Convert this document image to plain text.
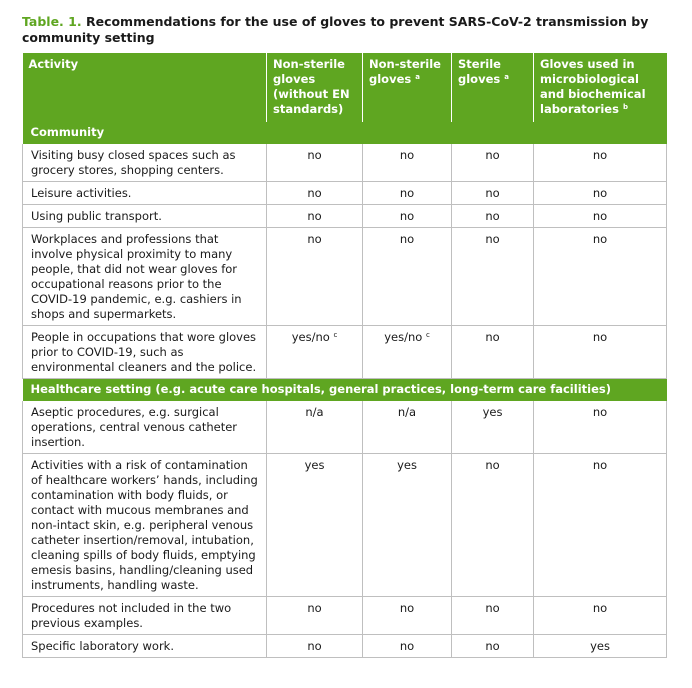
Table. 1. Recommendations for the use of gloves to prevent SARS-CoV-2 transmission by community setting
Activity	Non-sterile gloves (without EN standards)	Non-sterile gloves $^a$	Sterile gloves $^a$	Gloves used in microbiological and biochemical laboratories $^b$
Community				
Visiting busy closed spaces such as grocery stores, shopping centers.	no	no	no	no
Leisure activities.	no	no	no	no
Using public transport.	no	no	no	no
Workplaces and professions that involve physical proximity to many people, that did not wear gloves for occupational reasons prior to the COVID-19 pandemic, e.g. cashiers in shops and supermarkets.	no	no	no	no
People in occupations that wore gloves prior to COVID-19, such as environmental cleaners and the police.	yes/no $^c$	yes/no $^c$	no	no
Healthcare setting (e.g. acute care hospitals, general practices, long-term care facilities)				
Aseptic procedures, e.g. surgical operations, central venous catheter insertion.	n/a	n/a	yes	no
Activities with a risk of contamination of healthcare workers’ hands, including contamination with body fluids, or contact with mucous membranes and non-intact skin, e.g. peripheral venous catheter insertion/removal, intubation, cleaning spills of body fluids, emptying emesis basins, handling/cleaning used instruments, handling waste.	yes	yes	no	no
Procedures not included in the two previous examples.	no	no	no	no
Specific laboratory work.	no	no	no	yes
